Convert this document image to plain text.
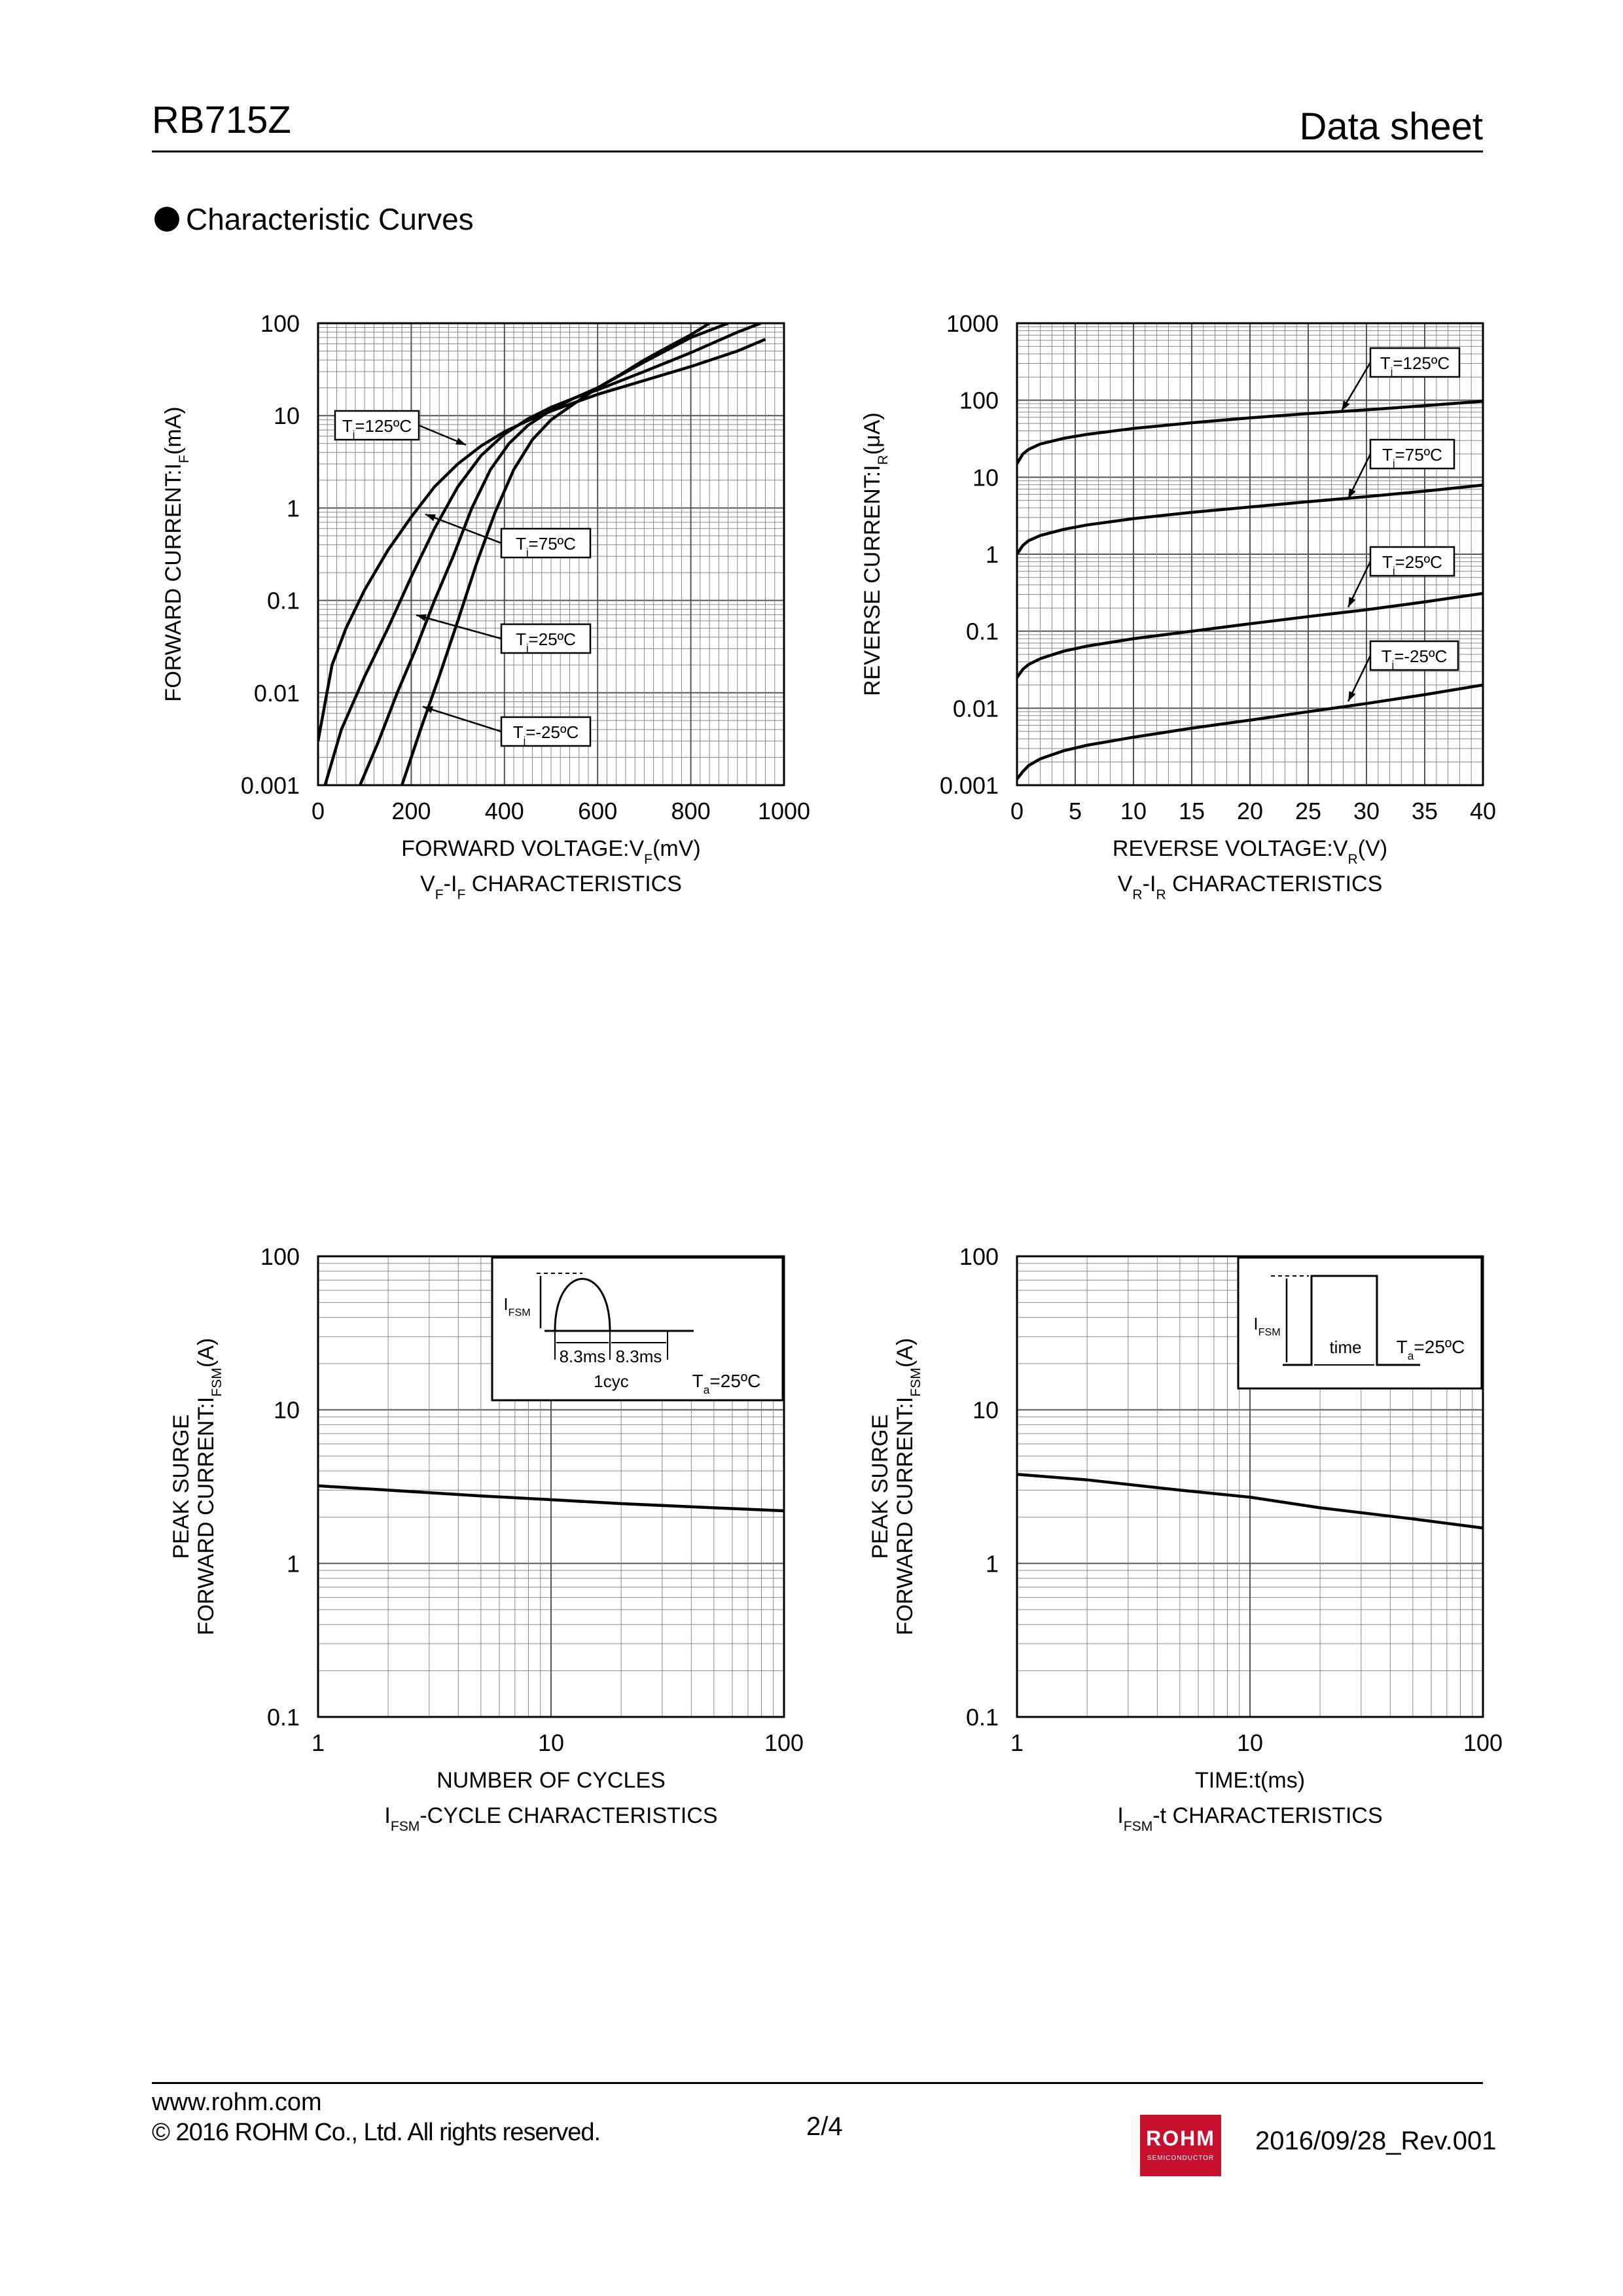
RB715Z	Data sheet
Characteristic Curves
0.001
0.01
0.1
1
10
100
0	200 400 600 800 1000
FORWARD $VOLTAGE:V_F(mV)$
$V_F-I_F$ CHARACTERISTICS
FORWARD $CURRENT:I_F(mA)$	$T_j=125ºC$
$T_j=75ºC$
$T_j=25ºC$
$T_j=-25ºC$
0.001
0.01
0.1
1
10
100
1000
0 5 10 15 20 25 30 35 40
REVERSE $VOLTAGE:V_R(V)$
$V_R-I_R$ CHARACTERISTICS
REVERSE $CURRENT:I_R(\mu A)$
$T_j=125ºC$
$T_j=75ºC$
$T_j=25ºC$
$T_j=-25ºC$
0.1
1
10
100
1	10	100
NUMBER OF CYCLES
$I_{FSM}$-CYCLE CHARACTERISTICS
PEAK SURGE FORWARD $CURRENT:I_{FSM}(A)$
$I_{FSM}$
8.3ms 8.3ms
1cyc	$T_a=25ºC$
0.1
1
10
100
1	10	100
TIME:t(ms)
$I_{FSM}-t$ CHARACTERISTICS
PEAK SURGE FORWARD $CURRENT:I_{FSM}(A)$
$I_{FSM}$
time $T_a=25ºC$
www.rohm.com
© 2016 ROHM Co., Ltd. All rights reserved.	2/4	ROHM
SEMICONDUCTOR
2016/09/28_Rev.001
